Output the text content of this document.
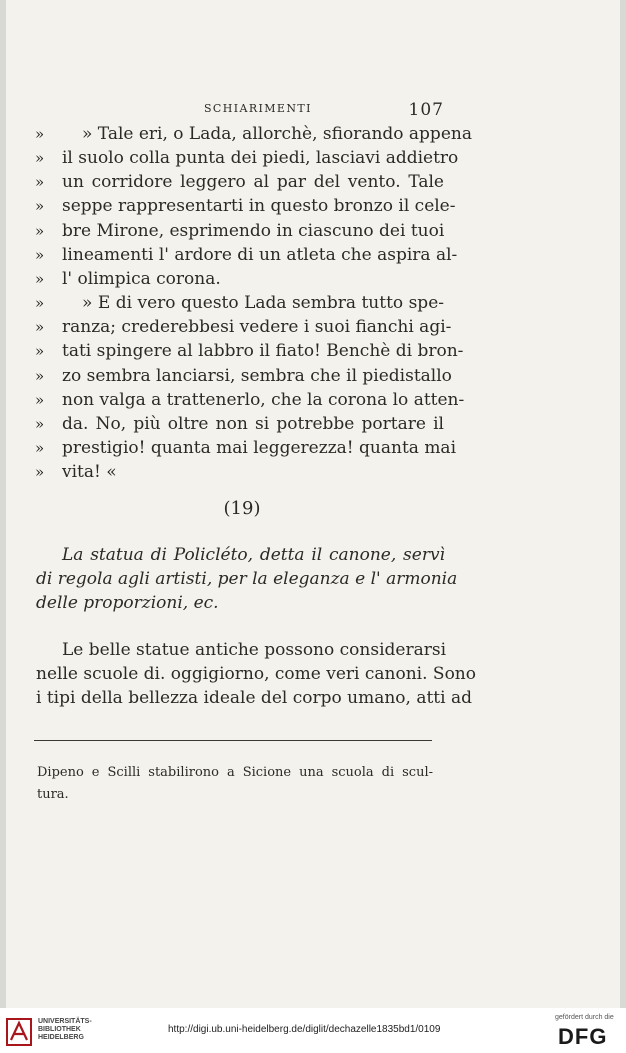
SCHIARIMENTI	107
» » Tale eri, o Lada, allorchè, sfiorando appena
» il suolo colla punta dei piedi, lasciavi addietro
» un corridore leggero al par del vento. Tale
» seppe rappresentarti in questo bronzo il cele-
» bre Mirone, esprimendo in ciascuno dei tuoi
» lineamenti l' ardore di un atleta che aspira al-
» l' olimpica corona.
» » E di vero questo Lada sembra tutto spe-
» ranza; crederebbesi vedere i suoi fianchi agi-
» tati spingere al labbro il fiato! Benchè di bron-
» zo sembra lanciarsi, sembra che il piedistallo
» non valga a trattenerlo, che la corona lo atten-
» da. No, più oltre non si potrebbe portare il
» prestigio! quanta mai leggerezza! quanta mai
» vita! «
(19)
La statua di Policléto, detta il canone, servì
di regola agli artisti, per la eleganza e l' armonia
delle proporzioni, ec.
Le belle statue antiche possono considerarsi
nelle scuole di. oggigiorno, come veri canoni. Sono
i tipi della bellezza ideale del corpo umano, atti ad
Dipeno e Scilli stabilirono a Sicione una scuola di scul-
tura.
UNIVERSITÄTS-
BIBLIOTHEK
HEIDELBERG
http://digi.ub.uni-heidelberg.de/diglit/dechazelle1835bd1/0109
gefördert durch die
DFG
